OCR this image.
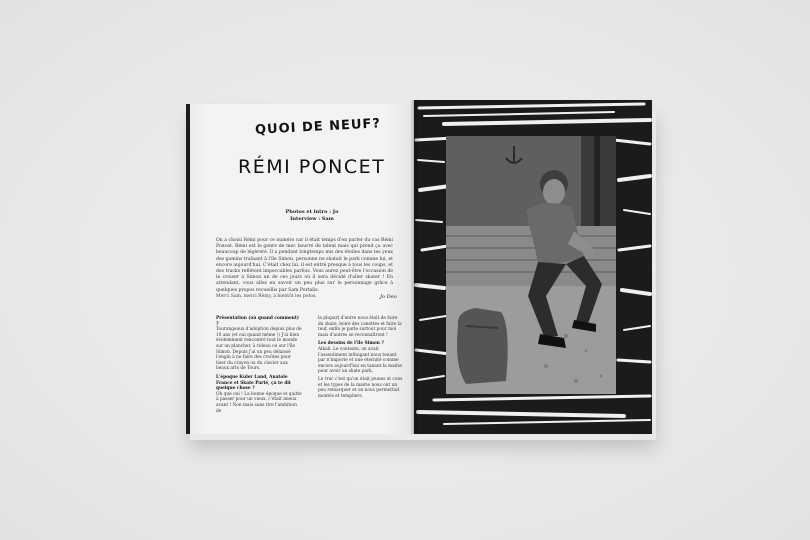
QUOI DE NEUF?
RÉMI PONCET
Photos et intro : Jo
Interview : Sam
On a choisi Rémi pour ce numéro car il était temps d'en parler du cas Rémi Poncet. Rémi est le genre de mec bourré de talent mais qui prend ça avec beaucoup de légèreté. Il a pendant longtemps mis des étoiles dans les yeux des gamins traînant à l'île Simon, personne ne skatait le park comme lui, et encore aujourd'hui. C'était chez lui, il est entré presque à tous les coups, et des tracks reflètent impeccables parfois. Vous aurez peut-être l'occasion de le croiser à Simon un de ces jours où il sera décidé d'aller skater ! En attendant, vous allez en savoir un peu plus sur le personnage grâce à quelques propos recueillis par Sam Portalis.
Merci Sam, merci Rémy, à bientôt les potos.	Jo Deo
Présentation (où quand comment) ?
Tourangeaux d'adoption depuis plus de 10 ans (et oui quand même !) J'ai bien évidemment rencontré tout le monde sur un plancher, à rideau ou sur l'île Simon. Depuis j'ai un peu délaissé l'engin à ne faire des croûtes pour tiser du crayon ou du clavier aux beaux arts de Tours.
L'époque Kuler Land, Anatole France et Skate Parté, ça te dit quelque chose ?
Oh que oui ! La bonne époque et quitte à passer pour un vieux, c'était mieux avant ! Non mais sans rire l'ambition de
la plupart d'entre nous était de faire du skate, boire des canettes et faire la teuf, enfin je parle surtout pour moi mais d'autres se reconnaîtront !
Les dessins de l'île Simon ?
Alkali. Le contexte, on avait l'assentiment infinigant nous tenant par n'importe et une éternité comme encore aujourd'hui en tanant la mairie pour avoir un skate park.
Le truc c'est qu'on était jeunes et cons et les types de la mairie nous ont un peu remarquer et on nous permettait montés et templiers.
